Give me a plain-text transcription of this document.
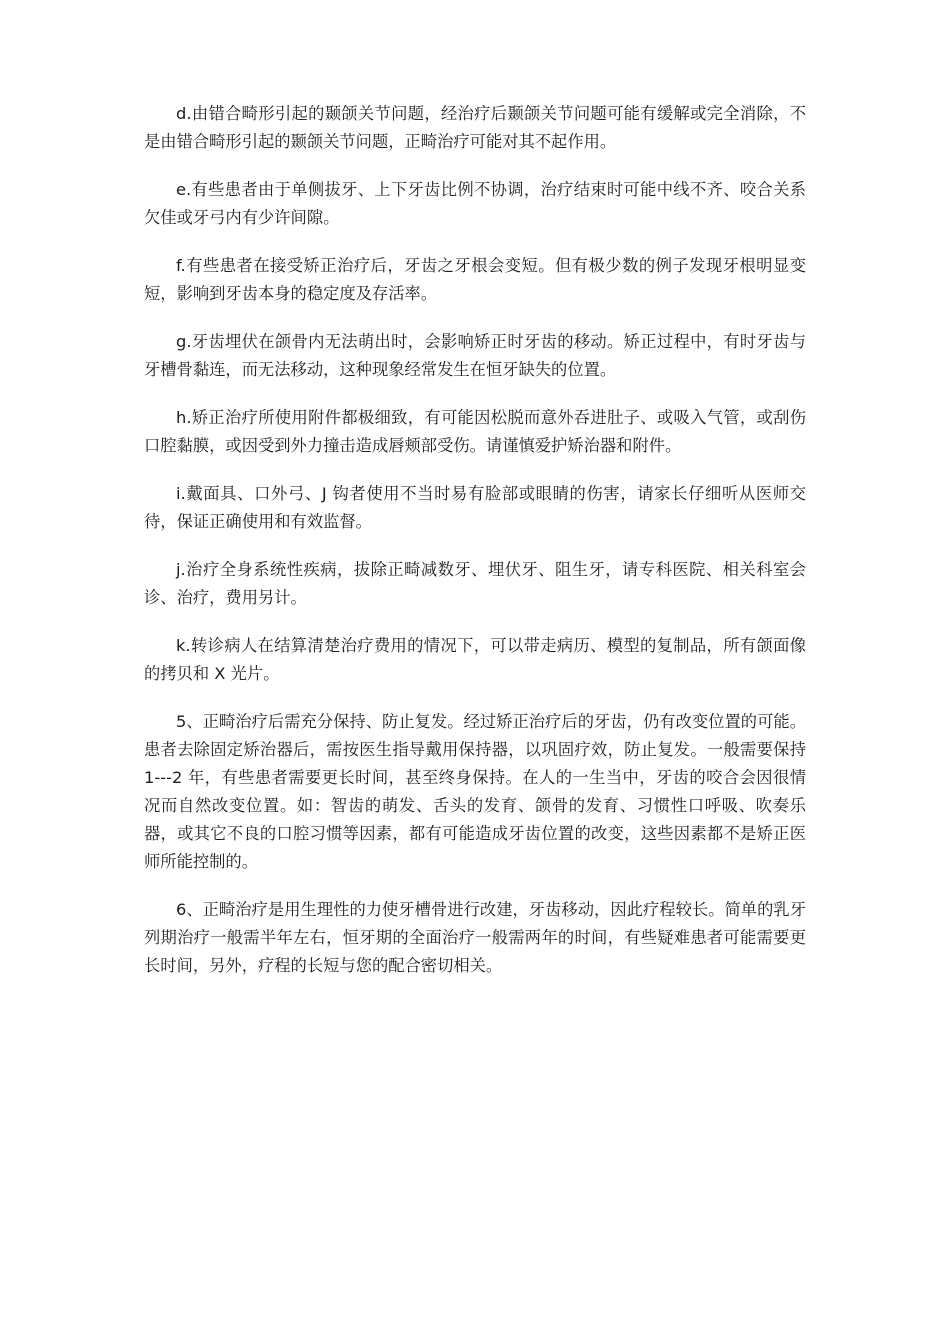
d.由错合畸形引起的颞颌关节问题，经治疗后颞颌关节问题可能有缓解或完全消除，不是由错合畸形引起的颞颌关节问题，正畸治疗可能对其不起作用。

e.有些患者由于单侧拔牙、上下牙齿比例不协调，治疗结束时可能中线不齐、咬合关系欠佳或牙弓内有少许间隙。

f.有些患者在接受矫正治疗后，牙齿之牙根会变短。但有极少数的例子发现牙根明显变短，影响到牙齿本身的稳定度及存活率。

g.牙齿埋伏在颌骨内无法萌出时，会影响矫正时牙齿的移动。矫正过程中，有时牙齿与牙槽骨黏连，而无法移动，这种现象经常发生在恒牙缺失的位置。

h.矫正治疗所使用附件都极细致，有可能因松脱而意外吞进肚子、或吸入气管，或刮伤口腔黏膜，或因受到外力撞击造成唇颊部受伤。请谨慎爱护矫治器和附件。

i.戴面具、口外弓、J 钩者使用不当时易有脸部或眼睛的伤害，请家长仔细听从医师交待，保证正确使用和有效监督。

j.治疗全身系统性疾病，拔除正畸减数牙、埋伏牙、阻生牙，请专科医院、相关科室会诊、治疗，费用另计。

k.转诊病人在结算清楚治疗费用的情况下，可以带走病历、模型的复制品，所有颌面像的拷贝和 X 光片。

5、正畸治疗后需充分保持、防止复发。经过矫正治疗后的牙齿，仍有改变位置的可能。患者去除固定矫治器后，需按医生指导戴用保持器，以巩固疗效，防止复发。一般需要保持 1---2 年，有些患者需要更长时间，甚至终身保持。在人的一生当中，牙齿的咬合会因很情况而自然改变位置。如：智齿的萌发、舌头的发育、颌骨的发育、习惯性口呼吸、吹奏乐器，或其它不良的口腔习惯等因素，都有可能造成牙齿位置的改变，这些因素都不是矫正医师所能控制的。

6、正畸治疗是用生理性的力使牙槽骨进行改建，牙齿移动，因此疗程较长。简单的乳牙列期治疗一般需半年左右，恒牙期的全面治疗一般需两年的时间，有些疑难患者可能需要更长时间，另外，疗程的长短与您的配合密切相关。
